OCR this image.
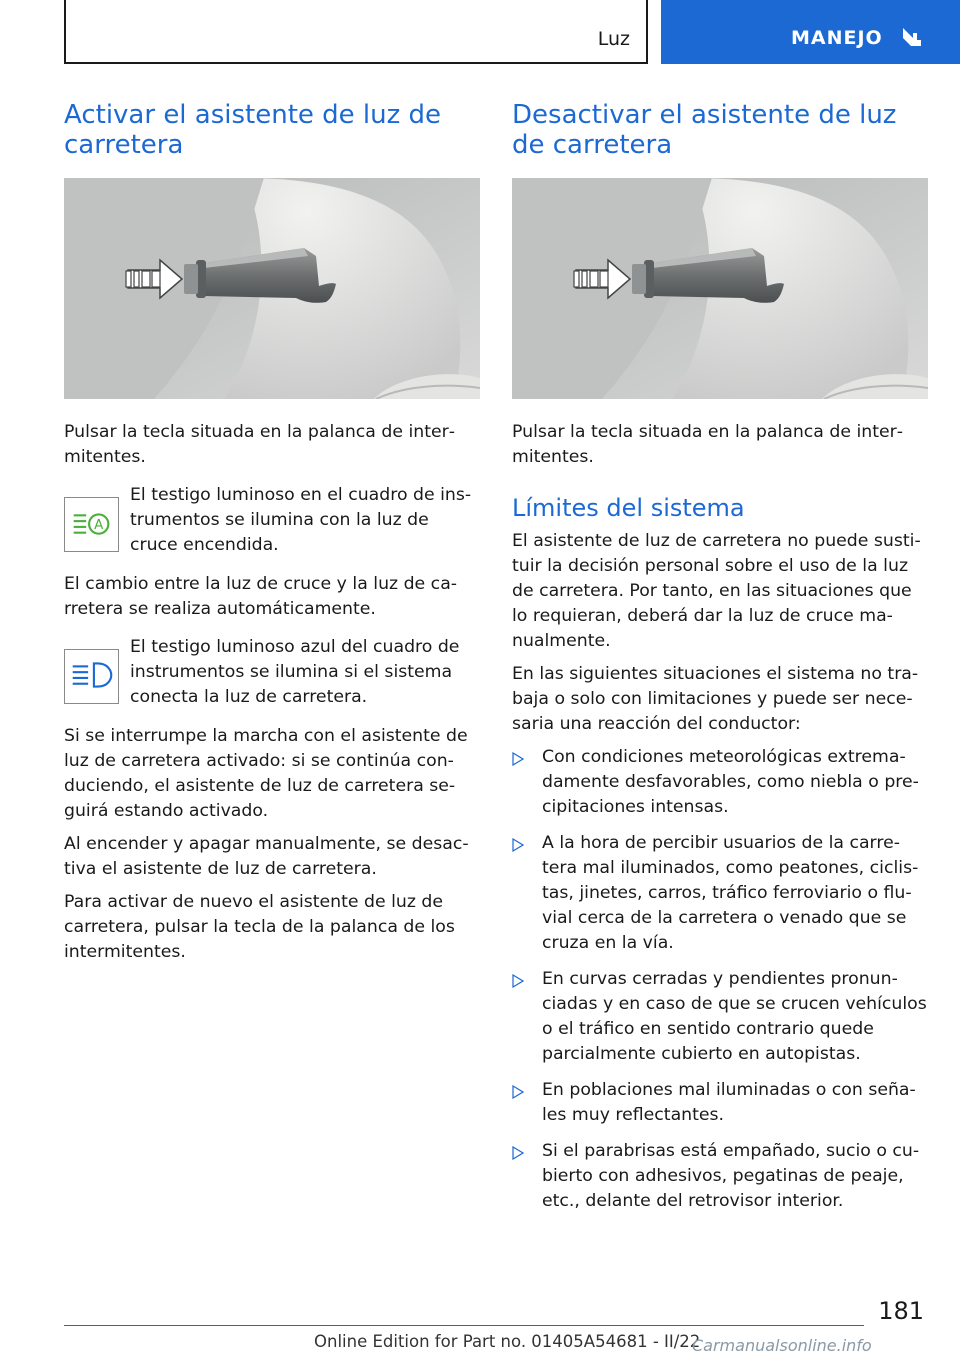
Luz	MANEJO
Activar el asistente de luz de carretera

Pulsar la tecla situada en la palanca de intermitentes.

A

El testigo luminoso en el cuadro de instrumentos se ilumina con la luz de cruce encendida.

El cambio entre la luz de cruce y la luz de carretera se realiza automáticamente.

El testigo luminoso azul del cuadro de instrumentos se ilumina si el sistema conecta la luz de carretera.

Si se interrumpe la marcha con el asistente de luz de carretera activado: si se continúa conduciendo, el asistente de luz de carretera seguirá estando activado.

Al encender y apagar manualmente, se desactiva el asistente de luz de carretera.

Para activar de nuevo el asistente de luz de carretera, pulsar la tecla de la palanca de los intermitentes.

Desactivar el asistente de luz de carretera

Pulsar la tecla situada en la palanca de intermitentes.

Límites del sistema

El asistente de luz de carretera no puede sustituir la decisión personal sobre el uso de la luz de carretera. Por tanto, en las situaciones que lo requieran, deberá dar la luz de cruce manualmente.

En las siguientes situaciones el sistema no trabaja o solo con limitaciones y puede ser necesaria una reacción del conductor:

Con condiciones meteorológicas extremadamente desfavorables, como niebla o precipitaciones intensas.

A la hora de percibir usuarios de la carretera mal iluminados, como peatones, ciclistas, jinetes, carros, tráfico ferroviario o fluvial cerca de la carretera o venado que se cruza en la vía.

En curvas cerradas y pendientes pronunciadas y en caso de que se crucen vehículos o el tráfico en sentido contrario quede parcialmente cubierto en autopistas.

En poblaciones mal iluminadas o con señales muy reflectantes.

Si el parabrisas está empañado, sucio o cubierto con adhesivos, pegatinas de peaje, etc., delante del retrovisor interior.

181
Online Edition for Part no. 01405A54681 - II/22
Carmanualsonline.info
